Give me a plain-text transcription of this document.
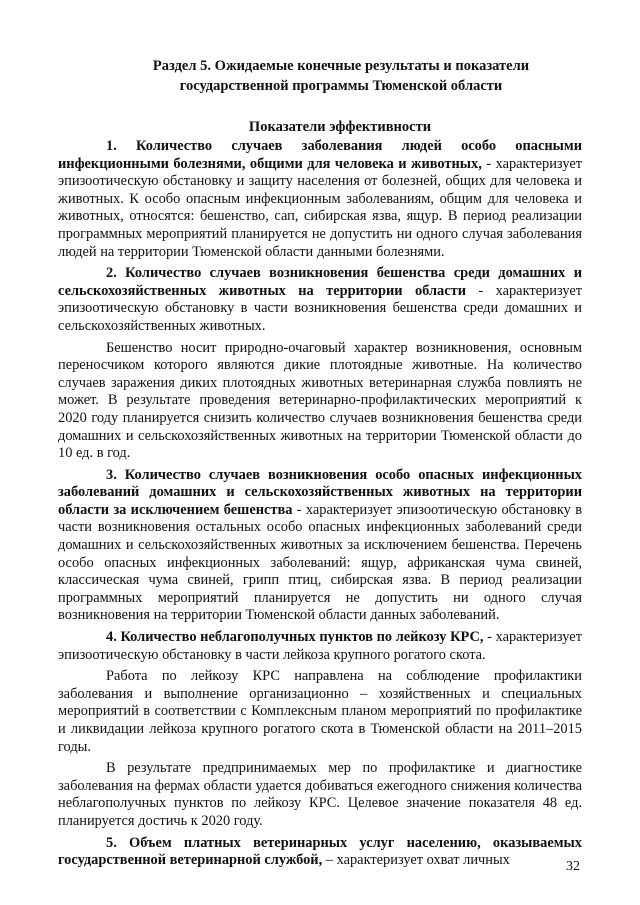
Раздел 5. Ожидаемые конечные результаты и показатели
государственной программы Тюменской области
Показатели эффективности

1. Количество случаев заболевания людей особо опасными инфекционными болезнями, общими для человека и животных, - характеризует эпизоотическую обстановку и защиту населения от болезней, общих для человека и животных. К особо опасным инфекционным заболеваниям, общим для человека и животных, относятся: бешенство, сап, сибирская язва, ящур. В период реализации программных мероприятий планируется не допустить ни одного случая заболевания людей на территории Тюменской области данными болезнями.

2. Количество случаев возникновения бешенства среди домашних и сельскохозяйственных животных на территории области - характеризует эпизоотическую обстановку в части возникновения бешенства среди домашних и сельскохозяйственных животных.

Бешенство носит природно-очаговый характер возникновения, основным переносчиком которого являются дикие плотоядные животные. На количество случаев заражения диких плотоядных животных ветеринарная служба повлиять не может. В результате проведения ветеринарно-профилактических мероприятий к 2020 году планируется снизить количество случаев возникновения бешенства среди домашних и сельскохозяйственных животных на территории Тюменской области до 10 ед. в год.

3. Количество случаев возникновения особо опасных инфекционных заболеваний домашних и сельскохозяйственных животных на территории области за исключением бешенства - характеризует эпизоотическую обстановку в части возникновения остальных особо опасных инфекционных заболеваний среди домашних и сельскохозяйственных животных за исключением бешенства. Перечень особо опасных инфекционных заболеваний: ящур, африканская чума свиней, классическая чума свиней, грипп птиц, сибирская язва. В период реализации программных мероприятий планируется не допустить ни одного случая возникновения на территории Тюменской области данных заболеваний.

4. Количество неблагополучных пунктов по лейкозу КРС, - характеризует эпизоотическую обстановку в части лейкоза крупного рогатого скота.

Работа по лейкозу КРС направлена на соблюдение профилактики заболевания и выполнение организационно – хозяйственных и специальных мероприятий в соответствии с Комплексным планом мероприятий по профилактике и ликвидации лейкоза крупного рогатого скота в Тюменской области на 2011–2015 годы.

В результате предпринимаемых мер по профилактике и диагностике заболевания на фермах области удается добиваться ежегодного снижения количества неблагополучных пунктов по лейкозу КРС. Целевое значение показателя 48 ед. планируется достичь к 2020 году.

5. Объем платных ветеринарных услуг населению, оказываемых государственной ветеринарной службой, – характеризует охват личных	32
